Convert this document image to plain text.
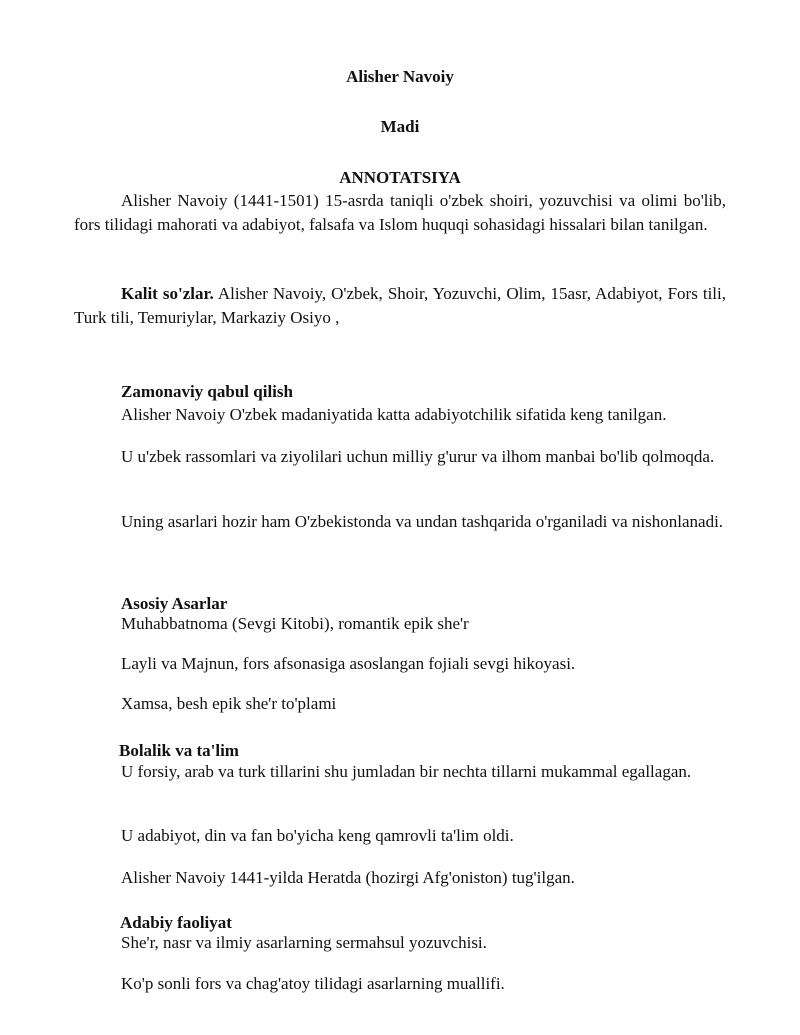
Alisher Navoiy
Madi
ANNOTATSIYA
Alisher Navoiy (1441-1501) 15-asrda taniqli o'zbek shoiri, yozuvchisi va olimi bo'lib, fors tilidagi mahorati va adabiyot, falsafa va Islom huquqi sohasidagi hissalari bilan tanilgan.
Kalit so'zlar. Alisher Navoiy, O'zbek, Shoir, Yozuvchi, Olim, 15asr, Adabiyot, Fors tili, Turk tili, Temuriylar, Markaziy Osiyo ,
Zamonaviy qabul qilish
Alisher Navoiy O'zbek madaniyatida katta adabiyotchilik sifatida keng tanilgan.
U u'zbek rassomlari va ziyolilari uchun milliy g'urur va ilhom manbai bo'lib qolmoqda.
Uning asarlari hozir ham O'zbekistonda va undan tashqarida o'rganiladi va nishonlanadi.
Asosiy Asarlar
Muhabbatnoma (Sevgi Kitobi), romantik epik she'r
Layli va Majnun, fors afsonasiga asoslangan fojiali sevgi hikoyasi.
Xamsa, besh epik she'r to'plami
Bolalik va ta'lim
U forsiy, arab va turk tillarini shu jumladan bir nechta tillarni mukammal egallagan.
U adabiyot, din va fan bo'yicha keng qamrovli ta'lim oldi.
Alisher Navoiy 1441-yilda Heratda (hozirgi Afg'oniston) tug'ilgan.
Adabiy faoliyat
She'r, nasr va ilmiy asarlarning sermahsul yozuvchisi.
Ko'p sonli fors va chag'atoy tilidagi asarlarning muallifi.
